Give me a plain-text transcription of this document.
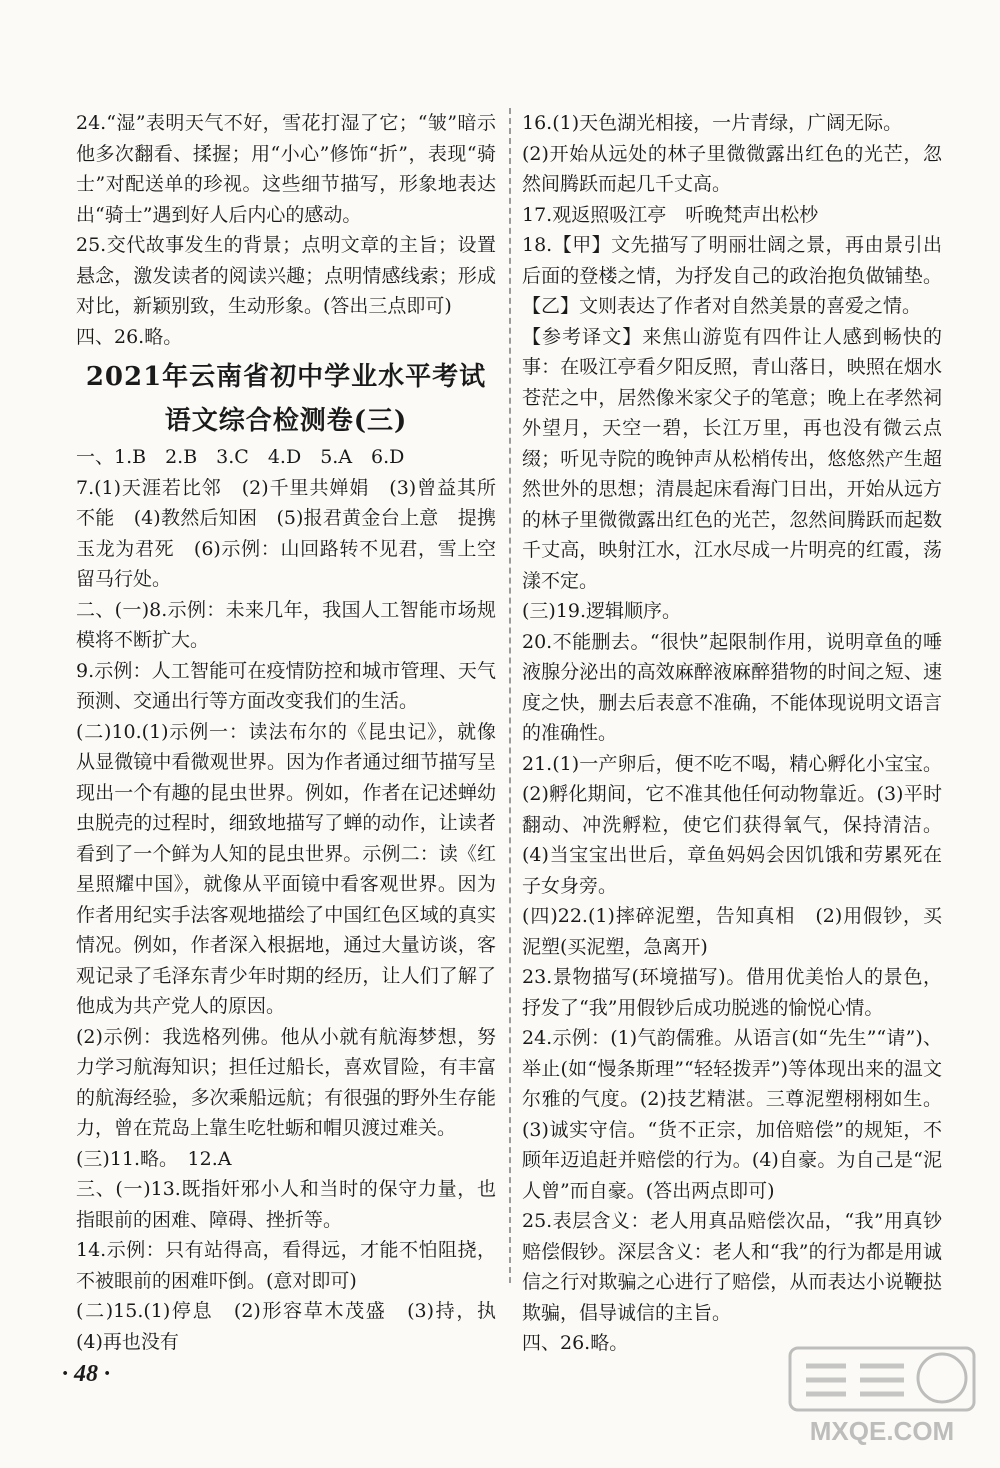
24.“湿”表明天气不好，雪花打湿了它；“皱”暗示他多次翻看、揉握；用“小心”修饰“折”，表现“骑士”对配送单的珍视。这些细节描写，形象地表达出“骑士”遇到好人后内心的感动。

25.交代故事发生的背景；点明文章的主旨；设置悬念，激发读者的阅读兴趣；点明情感线索；形成对比，新颖别致，生动形象。(答出三点即可)

四、26.略。

2021年云南省初中学业水平考试
语文综合检测卷(三)

一、1.B　2.B　3.C　4.D　5.A　6.D

7.(1)天涯若比邻　(2)千里共婵娟　(3)曾益其所不能　(4)教然后知困　(5)报君黄金台上意　提携玉龙为君死　(6)示例：山回路转不见君，雪上空留马行处。

二、(一)8.示例：未来几年，我国人工智能市场规模将不断扩大。

9.示例：人工智能可在疫情防控和城市管理、天气预测、交通出行等方面改变我们的生活。

(二)10.(1)示例一：读法布尔的《昆虫记》，就像从显微镜中看微观世界。因为作者通过细节描写呈现出一个有趣的昆虫世界。例如，作者在记述蝉幼虫脱壳的过程时，细致地描写了蝉的动作，让读者看到了一个鲜为人知的昆虫世界。示例二：读《红星照耀中国》，就像从平面镜中看客观世界。因为作者用纪实手法客观地描绘了中国红色区域的真实情况。例如，作者深入根据地，通过大量访谈，客观记录了毛泽东青少年时期的经历，让人们了解了他成为共产党人的原因。

(2)示例：我选格列佛。他从小就有航海梦想，努力学习航海知识；担任过船长，喜欢冒险，有丰富的航海经验，多次乘船远航；有很强的野外生存能力，曾在荒岛上靠生吃牡蛎和帽贝渡过难关。

(三)11.略。　12.A

三、(一)13.既指奸邪小人和当时的保守力量，也指眼前的困难、障碍、挫折等。

14.示例：只有站得高，看得远，才能不怕阻挠，不被眼前的困难吓倒。(意对即可)

(二)15.(1)停息　(2)形容草木茂盛　(3)持，执　(4)再也没有

16.(1)天色湖光相接，一片青绿，广阔无际。

(2)开始从远处的林子里微微露出红色的光芒，忽然间腾跃而起几千丈高。

17.观返照吸江亭　听晚梵声出松杪

18.【甲】文先描写了明丽壮阔之景，再由景引出后面的登楼之情，为抒发自己的政治抱负做铺垫。【乙】文则表达了作者对自然美景的喜爱之情。

【参考译文】来焦山游览有四件让人感到畅快的事：在吸江亭看夕阳反照，青山落日，映照在烟水苍茫之中，居然像米家父子的笔意；晚上在孝然祠外望月，天空一碧，长江万里，再也没有微云点缀；听见寺院的晚钟声从松梢传出，悠悠然产生超然世外的思想；清晨起床看海门日出，开始从远方的林子里微微露出红色的光芒，忽然间腾跃而起数千丈高，映射江水，江水尽成一片明亮的红霞，荡漾不定。

(三)19.逻辑顺序。

20.不能删去。“很快”起限制作用，说明章鱼的唾液腺分泌出的高效麻醉液麻醉猎物的时间之短、速度之快，删去后表意不准确，不能体现说明文语言的准确性。

21.(1)一产卵后，便不吃不喝，精心孵化小宝宝。(2)孵化期间，它不准其他任何动物靠近。(3)平时翻动、冲洗孵粒，使它们获得氧气，保持清洁。(4)当宝宝出世后，章鱼妈妈会因饥饿和劳累死在子女身旁。

(四)22.(1)摔碎泥塑，告知真相　(2)用假钞，买泥塑(买泥塑，急离开)

23.景物描写(环境描写)。借用优美怡人的景色，抒发了“我”用假钞后成功脱逃的愉悦心情。

24.示例：(1)气韵儒雅。从语言(如“先生”“请”)、举止(如“慢条斯理”“轻轻拨弄”)等体现出来的温文尔雅的气度。(2)技艺精湛。三尊泥塑栩栩如生。(3)诚实守信。“货不正宗，加倍赔偿”的规矩，不顾年迈追赶并赔偿的行为。(4)自豪。为自己是“泥人曾”而自豪。(答出两点即可)

25.表层含义：老人用真品赔偿次品，“我”用真钞赔偿假钞。深层含义：老人和“我”的行为都是用诚信之行对欺骗之心进行了赔偿，从而表达小说鞭挞欺骗，倡导诚信的主旨。

四、26.略。

· 48 ·
MXQE.COM
